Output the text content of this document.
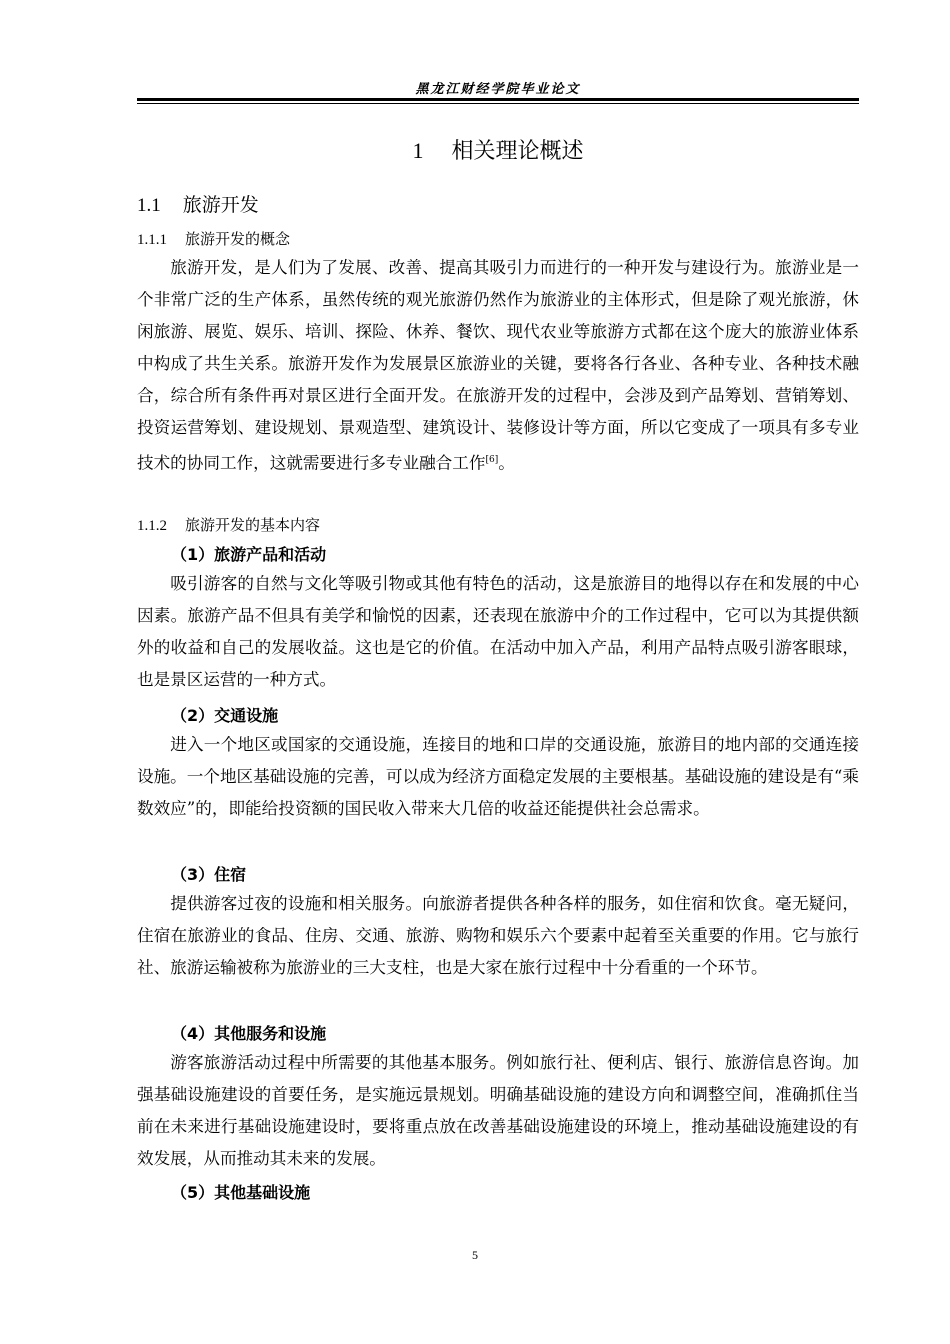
黑龙江财经学院毕业论文
1 相关理论概述
1.1 旅游开发
1.1.1 旅游开发的概念

旅游开发，是人们为了发展、改善、提高其吸引力而进行的一种开发与建设行为。旅游业是一个非常广泛的生产体系，虽然传统的观光旅游仍然作为旅游业的主体形式，但是除了观光旅游，休闲旅游、展览、娱乐、培训、探险、休养、餐饮、现代农业等旅游方式都在这个庞大的旅游业体系中构成了共生关系。旅游开发作为发展景区旅游业的关键，要将各行各业、各种专业、各种技术融合，综合所有条件再对景区进行全面开发。在旅游开发的过程中，会涉及到产品筹划、营销筹划、投资运营筹划、建设规划、景观造型、建筑设计、装修设计等方面，所以它变成了一项具有多专业技术的协同工作，这就需要进行多专业融合工作[6]。

1.1.2 旅游开发的基本内容
（1）旅游产品和活动

吸引游客的自然与文化等吸引物或其他有特色的活动，这是旅游目的地得以存在和发展的中心因素。旅游产品不但具有美学和愉悦的因素，还表现在旅游中介的工作过程中，它可以为其提供额外的收益和自己的发展收益。这也是它的价值。在活动中加入产品，利用产品特点吸引游客眼球，也是景区运营的一种方式。

（2）交通设施

进入一个地区或国家的交通设施，连接目的地和口岸的交通设施，旅游目的地内部的交通连接设施。一个地区基础设施的完善，可以成为经济方面稳定发展的主要根基。基础设施的建设是有“乘数效应”的，即能给投资额的国民收入带来大几倍的收益还能提供社会总需求。

（3）住宿

提供游客过夜的设施和相关服务。向旅游者提供各种各样的服务，如住宿和饮食。毫无疑问，住宿在旅游业的食品、住房、交通、旅游、购物和娱乐六个要素中起着至关重要的作用。它与旅行社、旅游运输被称为旅游业的三大支柱，也是大家在旅行过程中十分看重的一个环节。

（4）其他服务和设施

游客旅游活动过程中所需要的其他基本服务。例如旅行社、便利店、银行、旅游信息咨询。加强基础设施建设的首要任务，是实施远景规划。明确基础设施的建设方向和调整空间，准确抓住当前在未来进行基础设施建设时，要将重点放在改善基础设施建设的环境上，推动基础设施建设的有效发展，从而推动其未来的发展。

（5）其他基础设施
5
